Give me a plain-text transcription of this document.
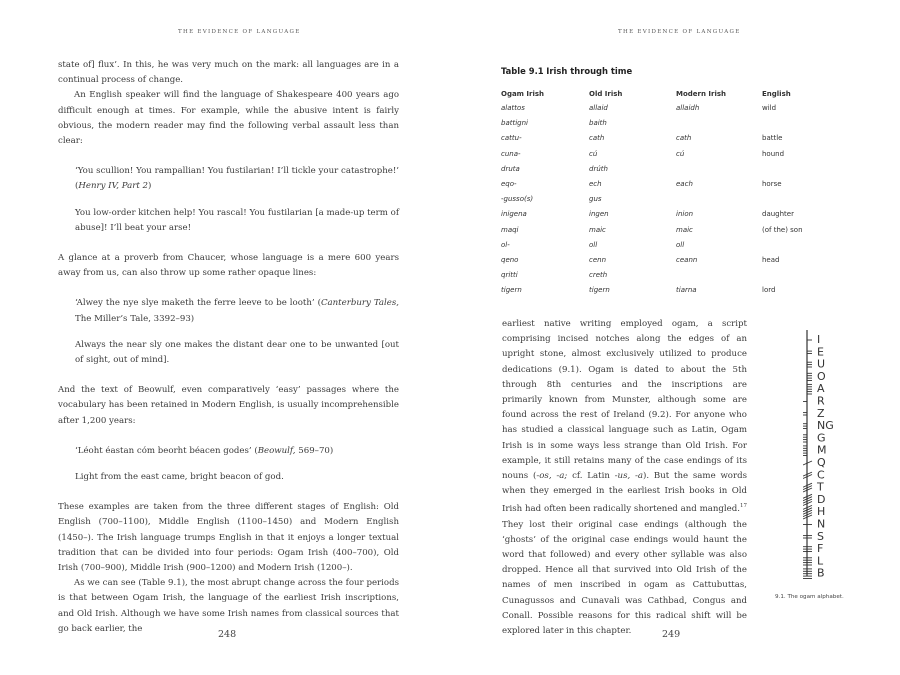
THE EVIDENCE OF LANGUAGE

state of] flux’. In this, he was very much on the mark: all languages are in a continual process of change.

An English speaker will find the language of Shakespeare 400 years ago difficult enough at times. For example, while the abusive intent is fairly obvious, the modern reader may find the following verbal assault less than clear:

‘You scullion! You rampallian! You fustilarian! I’ll tickle your catastrophe!’ (Henry IV, Part 2)

You low-order kitchen help! You rascal! You fustilarian [a made-up term of abuse]! I’ll beat your arse!

A glance at a proverb from Chaucer, whose language is a mere 600 years away from us, can also throw up some rather opaque lines:

‘Alwey the nye slye maketh the ferre leeve to be looth’ (Canterbury Tales, The Miller’s Tale, 3392–93)

Always the near sly one makes the distant dear one to be unwanted [out of sight, out of mind].

And the text of Beowulf, even comparatively ‘easy’ passages where the vocabulary has been retained in Modern English, is usually incomprehensible after 1,200 years:

‘Léoht éastan cóm beorht béacen godes’ (Beowulf, 569–70)

Light from the east came, bright beacon of god.

These examples are taken from the three different stages of English: Old English (700–1100), Middle English (1100–1450) and Modern English (1450–). The Irish language trumps English in that it enjoys a longer textual tradition that can be divided into four periods: Ogam Irish (400–700), Old Irish (700–900), Middle Irish (900–1200) and Modern Irish (1200–).

As we can see (Table 9.1), the most abrupt change across the four periods is that between Ogam Irish, the language of the earliest Irish inscriptions, and Old Irish. Although we have some Irish names from classical sources that go back earlier, the

248
THE EVIDENCE OF LANGUAGE
Table 9.1 Irish through time
Ogam Irish	Old Irish	Modern Irish	English
alattos	allaid	allaidh	wild
battigni	baith		
cattu-	cath	cath	battle
cuna-	cú	cú	hound
druta	drúth		
eqo-	ech	each	horse
-gusso(s)	gus		
inigena	ingen	inion	daughter
maqi	maic	maic	(of the) son
ol-	oll	oll	
qeno	cenn	ceann	head
qritti	creth		
tigern	tigern	tiarna	lord

earliest native writing employed ogam, a script comprising incised notches along the edges of an upright stone, almost exclusively utilized to produce dedications (9.1). Ogam is dated to about the 5th through 8th centuries and the inscriptions are primarily known from Munster, although some are found across the rest of Ireland (9.2). For anyone who has studied a classical language such as Latin, Ogam Irish is in some ways less strange than Old Irish. For example, it still retains many of the case endings of its nouns (-os, -a; cf. Latin -us, -a). But the same words when they emerged in the earliest Irish books in Old Irish had often been radically shortened and mangled.$^{17}$ They lost their original case endings (although the ‘ghosts’ of the original case endings would haunt the word that followed) and every other syllable was also dropped. Hence all that survived into Old Irish of the names of men inscribed in ogam as Cattubuttas, Cunagussos and Cunavali was Cathbad, Congus and Conall. Possible reasons for this radical shift will be explored later in this chapter.

I
E
U
O
A
R
Z
NG
G
M
Q
C
T
D
H
N
S
F
L
B
9.1. The ogam alphabet.
249
